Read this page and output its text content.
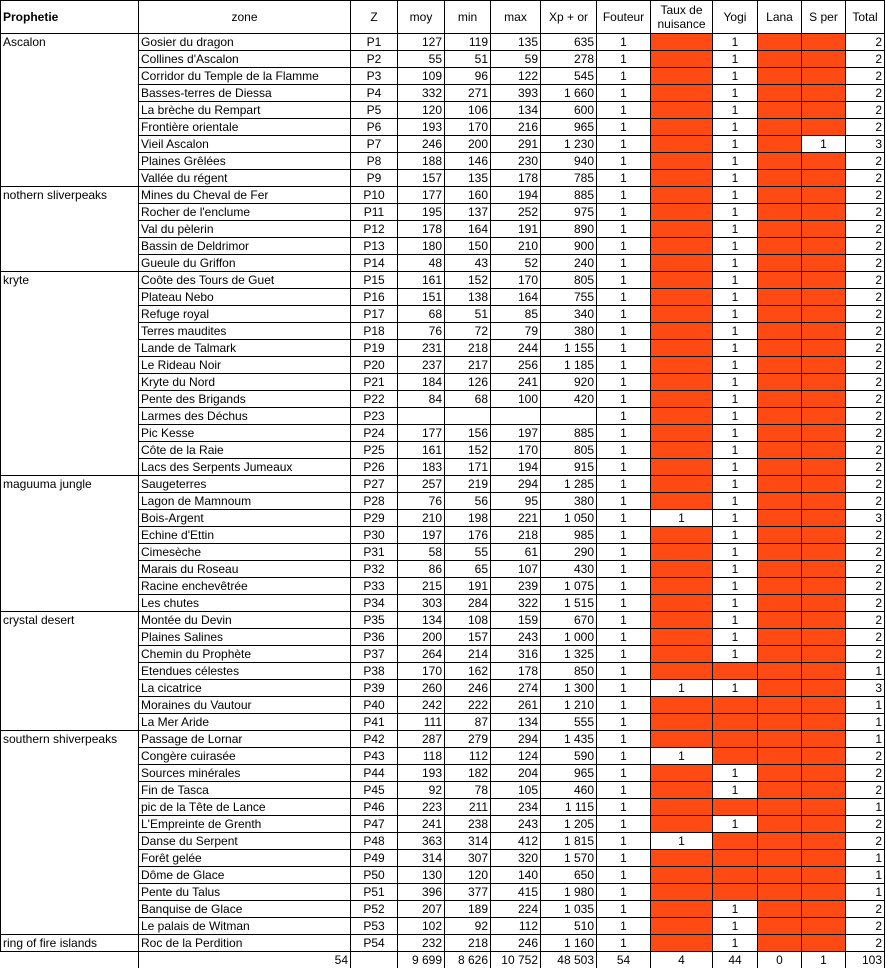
Prophetie	zone	Z	moy	min	max	Xp + or	Fouteur	Taux de nuisance	Yogi	Lana	S per	Total
Ascalon	Gosier du dragon	P1	127	119	135	635	1		1			2
	Collines d'Ascalon	P2	55	51	59	278	1		1			2
	Corridor du Temple de la Flamme	P3	109	96	122	545	1		1			2
	Basses-terres de Diessa	P4	332	271	393	1 660	1		1			2
	La brèche du Rempart	P5	120	106	134	600	1		1			2
	Frontière orientale	P6	193	170	216	965	1		1			2
	Vieil Ascalon	P7	246	200	291	1 230	1		1		1	3
	Plaines Grêlées	P8	188	146	230	940	1		1			2
	Vallée du régent	P9	157	135	178	785	1		1			2
nothern sliverpeaks	Mines du Cheval de Fer	P10	177	160	194	885	1		1			2
	Rocher de l'enclume	P11	195	137	252	975	1		1			2
	Val du pèlerin	P12	178	164	191	890	1		1			2
	Bassin de Deldrimor	P13	180	150	210	900	1		1			2
	Gueule du Griffon	P14	48	43	52	240	1		1			2
kryte	Coôte des Tours de Guet	P15	161	152	170	805	1		1			2
	Plateau Nebo	P16	151	138	164	755	1		1			2
	Refuge royal	P17	68	51	85	340	1		1			2
	Terres maudites	P18	76	72	79	380	1		1			2
	Lande de Talmark	P19	231	218	244	1 155	1		1			2
	Le Rideau Noir	P20	237	217	256	1 185	1		1			2
	Kryte du Nord	P21	184	126	241	920	1		1			2
	Pente des Brigands	P22	84	68	100	420	1		1			2
	Larmes des Déchus	P23					1		1			2
	Pic Kesse	P24	177	156	197	885	1		1			2
	Côte de la Raie	P25	161	152	170	805	1		1			2
	Lacs des Serpents Jumeaux	P26	183	171	194	915	1		1			2
maguuma jungle	Saugeterres	P27	257	219	294	1 285	1		1			2
	Lagon de Mamnoum	P28	76	56	95	380	1		1			2
	Bois-Argent	P29	210	198	221	1 050	1	1	1			3
	Echine d'Ettin	P30	197	176	218	985	1		1			2
	Cimesèche	P31	58	55	61	290	1		1			2
	Marais du Roseau	P32	86	65	107	430	1		1			2
	Racine enchevêtrée	P33	215	191	239	1 075	1		1			2
	Les chutes	P34	303	284	322	1 515	1		1			2
crystal desert	Montée du Devin	P35	134	108	159	670	1		1			2
	Plaines Salines	P36	200	157	243	1 000	1		1			2
	Chemin du Prophète	P37	264	214	316	1 325	1		1			2
	Etendues célestes	P38	170	162	178	850	1					1
	La cicatrice	P39	260	246	274	1 300	1	1	1			3
	Moraines du Vautour	P40	242	222	261	1 210	1					1
	La Mer Aride	P41	111	87	134	555	1					1
southern shiverpeaks	Passage de Lornar	P42	287	279	294	1 435	1					1
	Congère cuirasée	P43	118	112	124	590	1	1				2
	Sources minérales	P44	193	182	204	965	1		1			2
	Fin de Tasca	P45	92	78	105	460	1		1			2
	pic de la Tête de Lance	P46	223	211	234	1 115	1					1
	L'Empreinte de Grenth	P47	241	238	243	1 205	1		1			2
	Danse du Serpent	P48	363	314	412	1 815	1	1				2
	Forêt gelée	P49	314	307	320	1 570	1					1
	Dôme de Glace	P50	130	120	140	650	1					1
	Pente du Talus	P51	396	377	415	1 980	1					1
	Banquise de Glace	P52	207	189	224	1 035	1		1			2
	Le palais de Witman	P53	102	92	112	510	1		1			2
ring of fire islands	Roc de la Perdition	P54	232	218	246	1 160	1		1			2
	54		9 699	8 626	10 752	48 503	54	4	44	0	1	103
